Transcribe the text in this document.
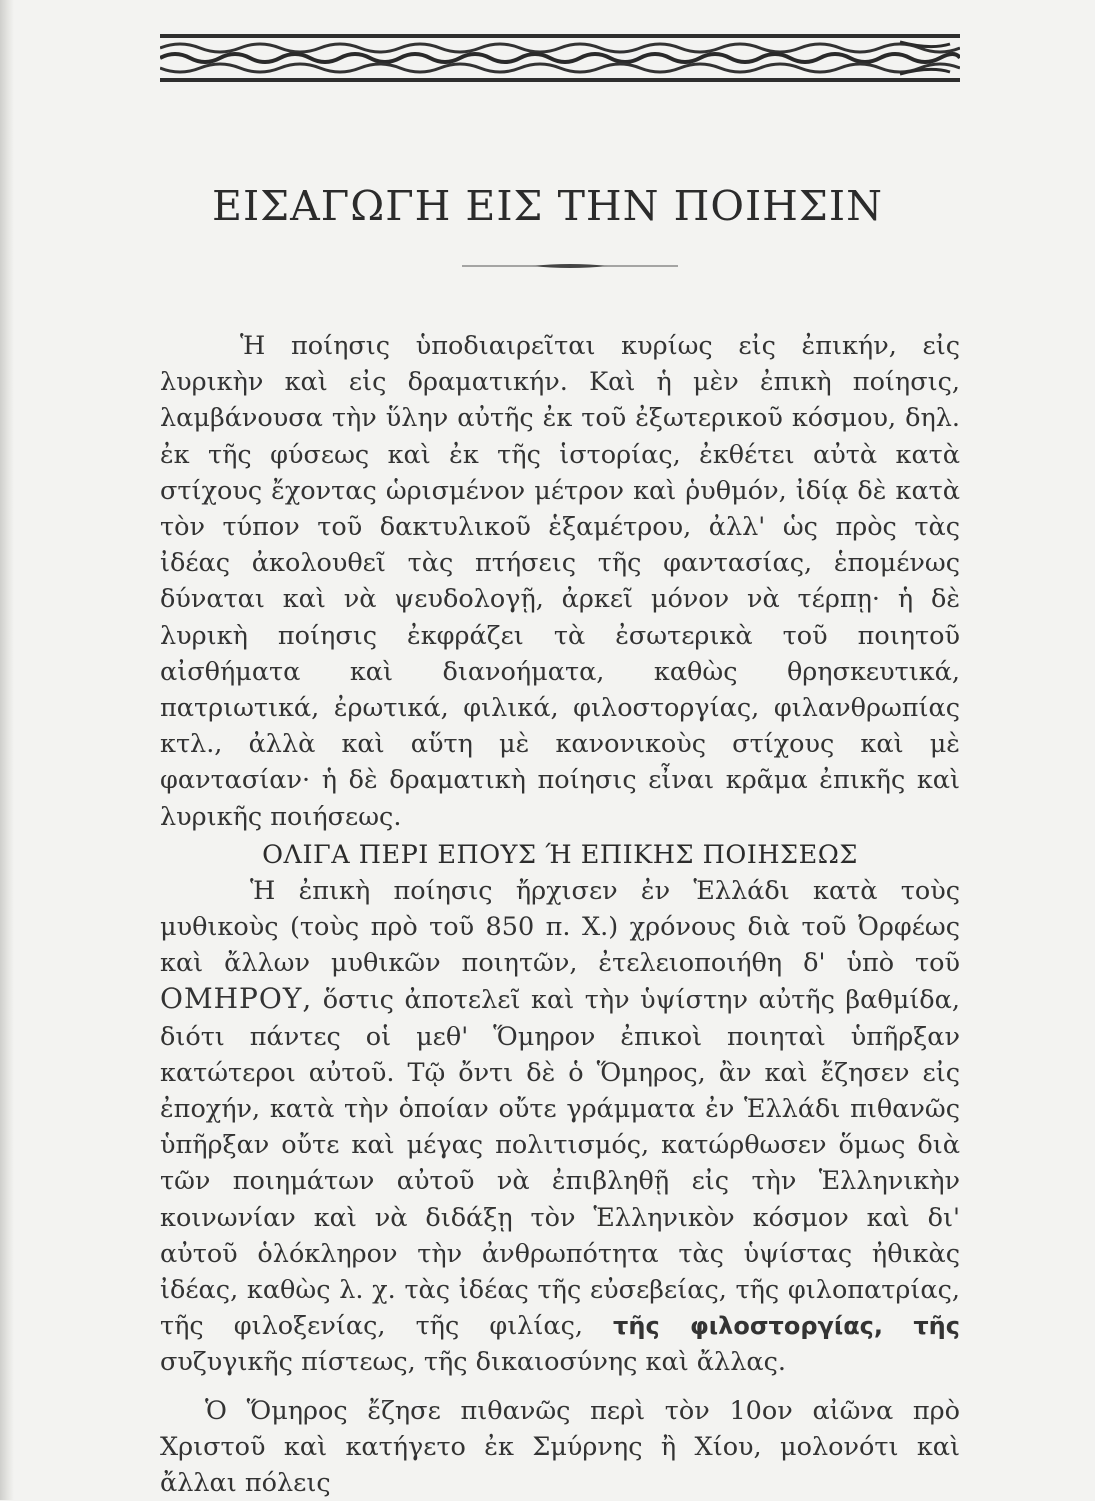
ΕΙΣΑΓΩΓΗ ΕΙΣ ΤΗΝ ΠΟΙΗΣΙΝ

Ἡ ποίησις ὑποδιαιρεῖται κυρίως εἰς ἐπικήν, εἰς λυρικὴν καὶ εἰς δραματικήν. Καὶ ἡ μὲν ἐπικὴ ποίησις, λαμβάνουσα τὴν ὕλην αὐτῆς ἐκ τοῦ ἐξωτερικοῦ κόσμου, δηλ. ἐκ τῆς φύσεως καὶ ἐκ τῆς ἱστορίας, ἐκθέτει αὐτὰ κατὰ στίχους ἔχοντας ὡρισμένον μέτρον καὶ ῥυθμόν, ἰδίᾳ δὲ κατὰ τὸν τύπον τοῦ δακτυλικοῦ ἑξαμέτρου, ἀλλ' ὡς πρὸς τὰς ἰδέας ἀκολουθεῖ τὰς πτήσεις τῆς φαντασίας, ἑπομένως δύναται καὶ νὰ ψευδολογῇ, ἀρκεῖ μόνον νὰ τέρπῃ· ἡ δὲ λυρικὴ ποίησις ἐκφράζει τὰ ἐσωτερικὰ τοῦ ποιητοῦ αἰσθήματα καὶ διανοήματα, καθὼς θρησκευτικά, πατριωτικά, ἐρωτικά, φιλικά, φιλοστοργίας, φιλανθρωπίας κτλ., ἀλλὰ καὶ αὕτη μὲ κανονικοὺς στίχους καὶ μὲ φαντασίαν· ἡ δὲ δραματικὴ ποίησις εἶναι κρᾶμα ἐπικῆς καὶ λυρικῆς ποιήσεως.

ΟΛΙΓΑ ΠΕΡΙ ΕΠΟΥΣ Ή ΕΠΙΚΗΣ ΠΟΙΗΣΕΩΣ

Ἡ ἐπικὴ ποίησις ἤρχισεν ἐν Ἑλλάδι κατὰ τοὺς μυθικοὺς (τοὺς πρὸ τοῦ 850 π. Χ.) χρόνους διὰ τοῦ Ὀρφέως καὶ ἄλλων μυθικῶν ποιητῶν, ἐτελειοποιήθη δ' ὑπὸ τοῦ ΟΜΗΡΟΥ, ὅστις ἀποτελεῖ καὶ τὴν ὑψίστην αὐτῆς βαθμίδα, διότι πάντες οἱ μεθ' Ὅμηρον ἐπικοὶ ποιηταὶ ὑπῆρξαν κατώτεροι αὐτοῦ. Τῷ ὄντι δὲ ὁ Ὅμηρος, ἂν καὶ ἔζησεν εἰς ἐποχήν, κατὰ τὴν ὁποίαν οὔτε γράμματα ἐν Ἑλλάδι πιθανῶς ὑπῆρξαν οὔτε καὶ μέγας πολιτισμός, κατώρθωσεν ὅμως διὰ τῶν ποιημάτων αὐτοῦ νὰ ἐπιβληθῇ εἰς τὴν Ἑλληνικὴν κοινωνίαν καὶ νὰ διδάξῃ τὸν Ἑλληνικὸν κόσμον καὶ δι' αὐτοῦ ὁλόκληρον τὴν ἀνθρωπότητα τὰς ὑψίστας ἠθικὰς ἰδέας, καθὼς λ. χ. τὰς ἰδέας τῆς εὐσεβείας, τῆς φιλοπατρίας, τῆς φιλοξενίας, τῆς φιλίας, τῆς φιλοστοργίας, τῆς συζυγικῆς πίστεως, τῆς δικαιοσύνης καὶ ἄλλας.

Ὁ Ὅμηρος ἔζησε πιθανῶς περὶ τὸν 10ον αἰῶνα πρὸ Χριστοῦ καὶ κατήγετο ἐκ Σμύρνης ἢ Χίου, μολονότι καὶ ἄλλαι πόλεις
